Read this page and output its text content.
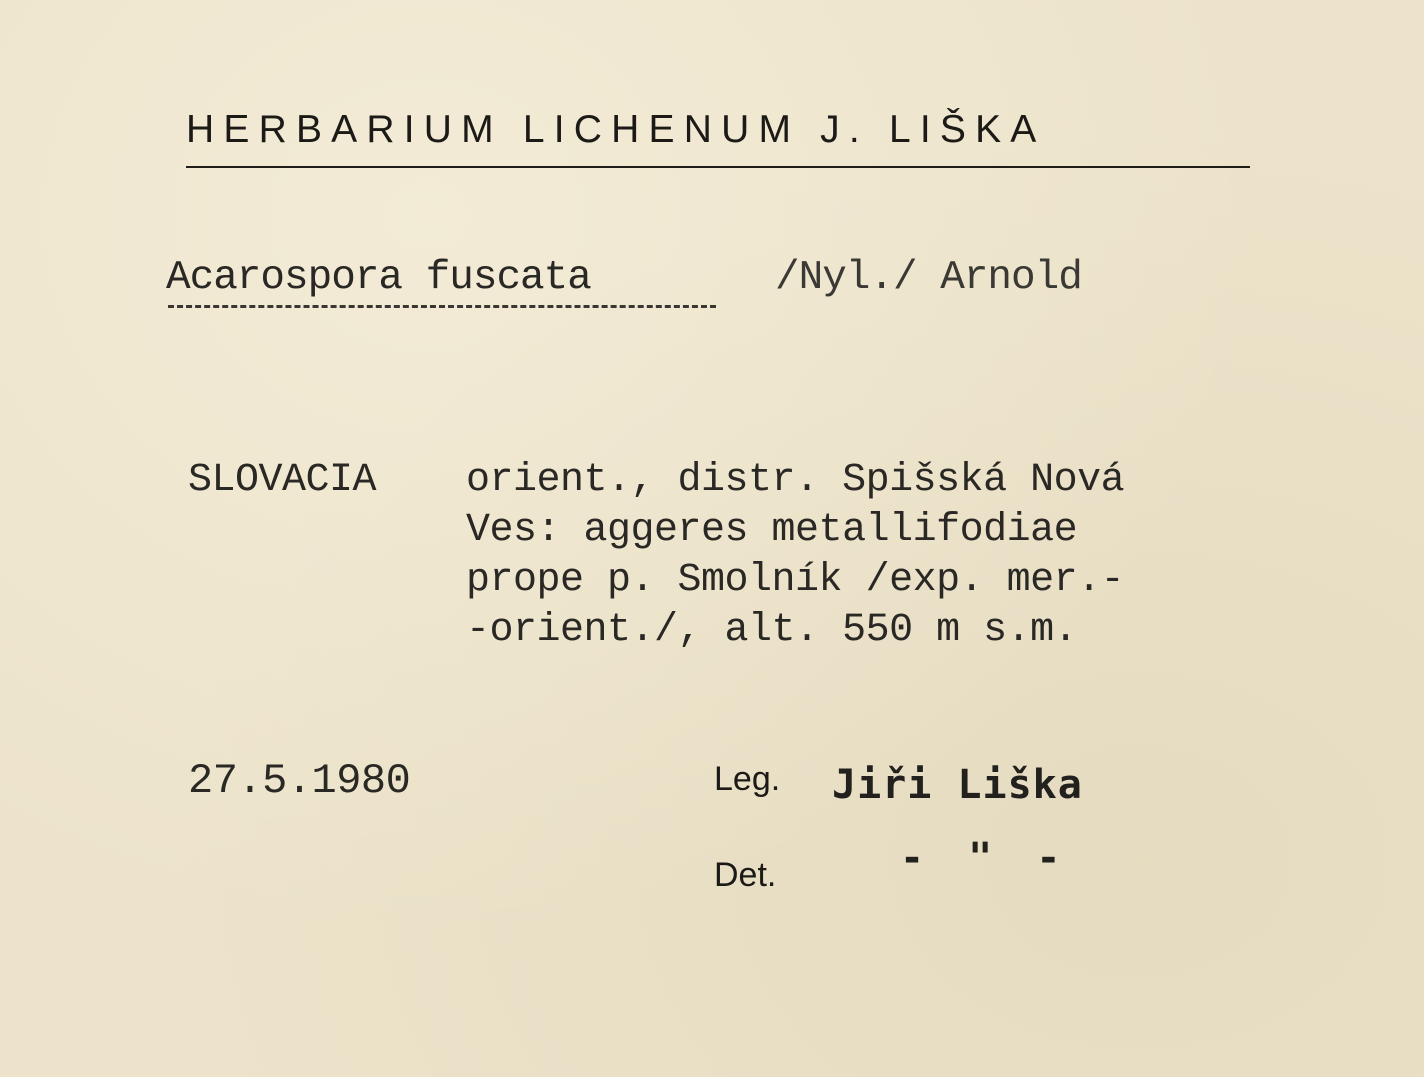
HERBARIUM LICHENUM J. LIŠKA
Acarospora fuscata	/Nyl./ Arnold
SLOVACIA orient., distr. Spišská Nová
Ves: aggeres metallifodiae
prope p. Smolník /exp. mer.-
-orient./, alt. 550 m s.m.
27.5.1980	Leg. Jiři Liška
Det.	- " -
